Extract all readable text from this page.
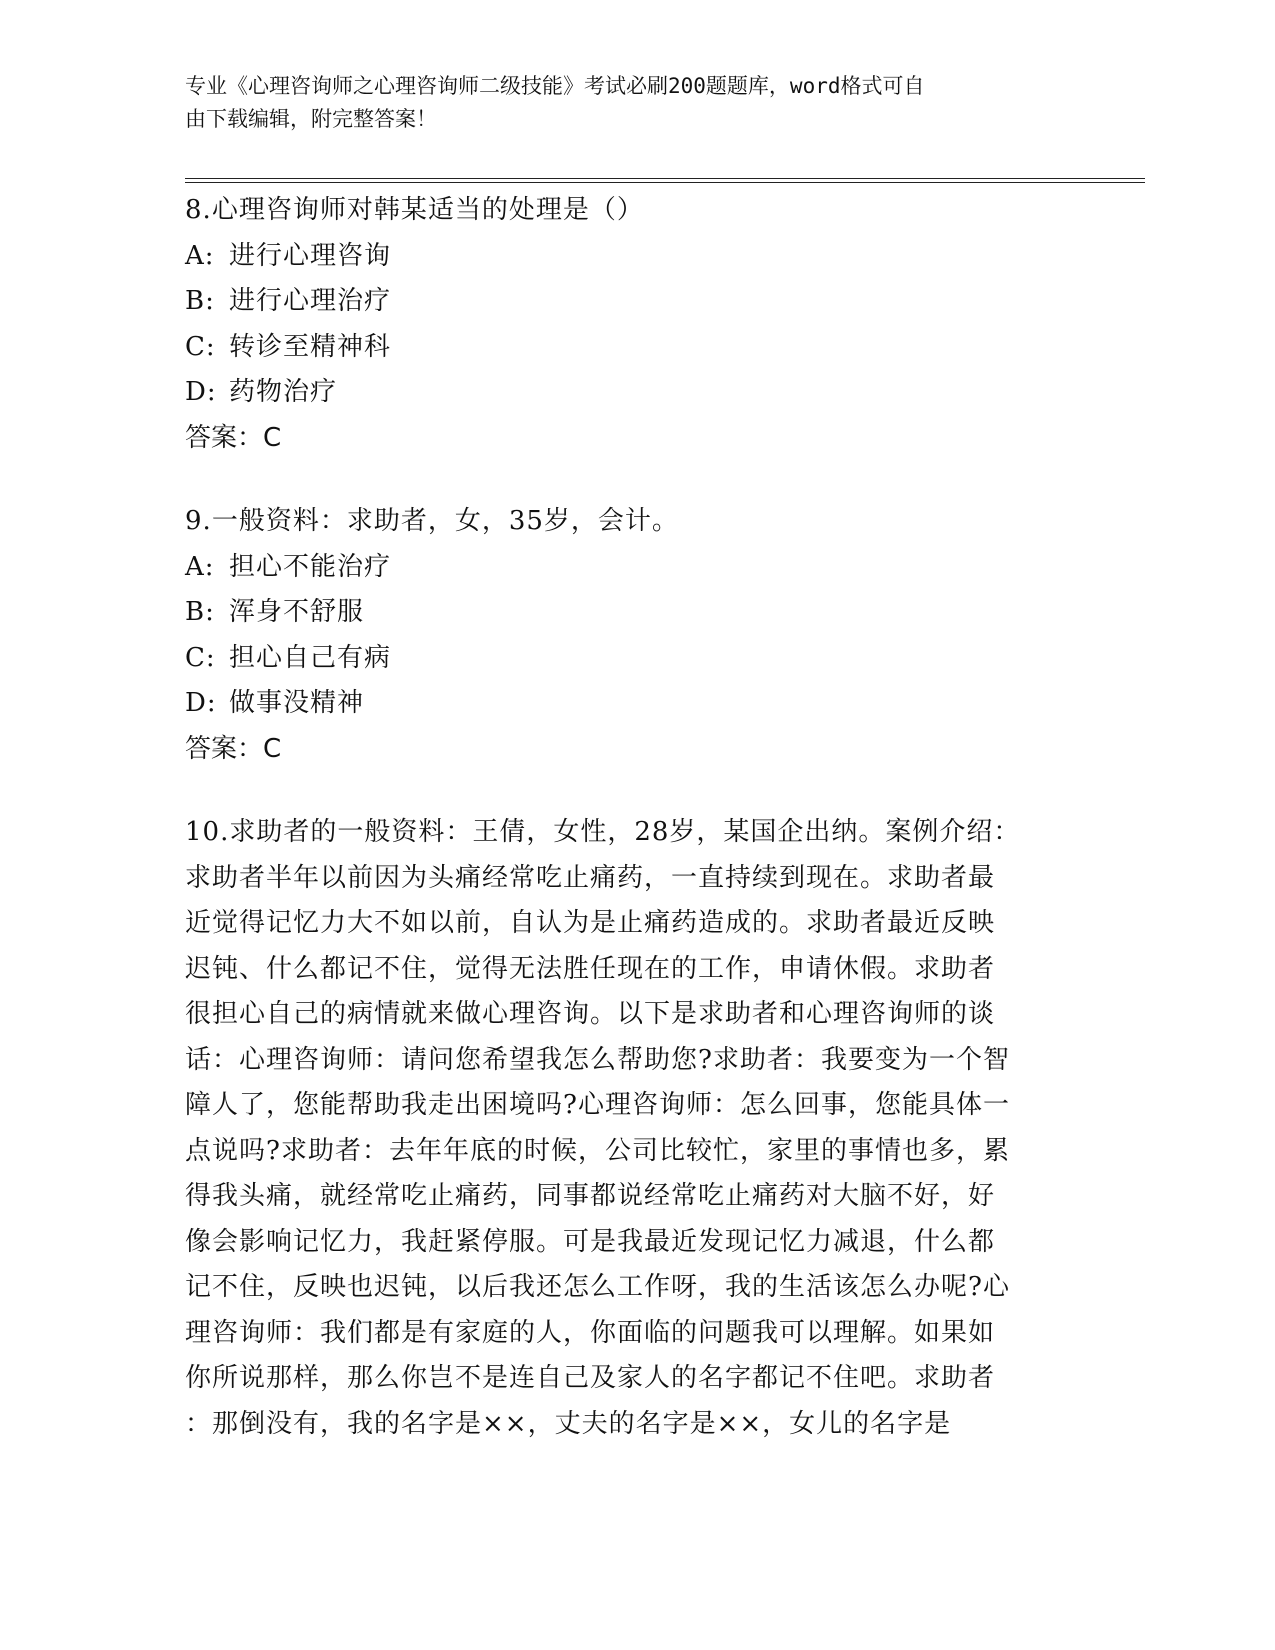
专业《心理咨询师之心理咨询师二级技能》考试必刷200题题库，word格式可自
由下载编辑，附完整答案！
8.心理咨询师对韩某适当的处理是（）
A: 进行心理咨询
B: 进行心理治疗
C: 转诊至精神科
D: 药物治疗
答案：C
9.一般资料：求助者，女，35岁，会计。
A: 担心不能治疗
B: 浑身不舒服
C: 担心自己有病
D: 做事没精神
答案：C
10.求助者的一般资料：王倩，女性，28岁，某国企出纳。案例介绍：
求助者半年以前因为头痛经常吃止痛药，一直持续到现在。求助者最
近觉得记忆力大不如以前，自认为是止痛药造成的。求助者最近反映
迟钝、什么都记不住，觉得无法胜任现在的工作，申请休假。求助者
很担心自己的病情就来做心理咨询。以下是求助者和心理咨询师的谈
话：心理咨询师：请问您希望我怎么帮助您?求助者：我要变为一个智
障人了，您能帮助我走出困境吗?心理咨询师：怎么回事，您能具体一
点说吗?求助者：去年年底的时候，公司比较忙，家里的事情也多，累
得我头痛，就经常吃止痛药，同事都说经常吃止痛药对大脑不好，好
像会影响记忆力，我赶紧停服。可是我最近发现记忆力减退，什么都
记不住，反映也迟钝，以后我还怎么工作呀，我的生活该怎么办呢?心
理咨询师：我们都是有家庭的人，你面临的问题我可以理解。如果如
你所说那样，那么你岂不是连自己及家人的名字都记不住吧。求助者
：那倒没有，我的名字是××，丈夫的名字是××，女儿的名字是
